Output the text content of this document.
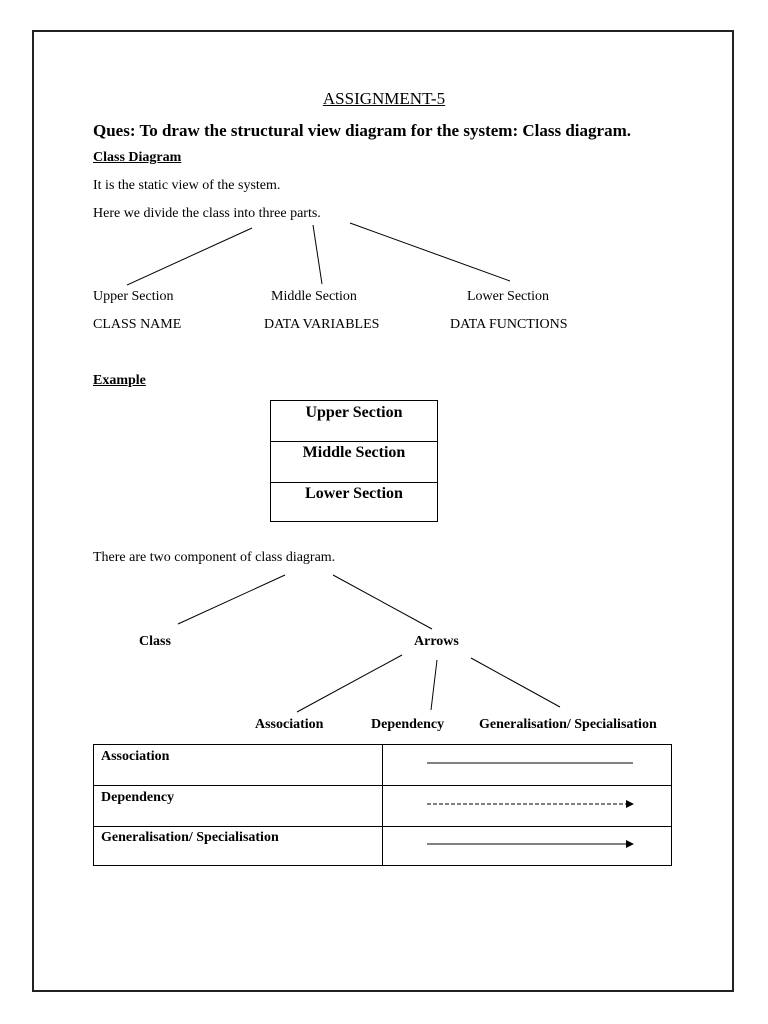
ASSIGNMENT-5
Ques: To draw the structural view diagram for the system: Class diagram.
Class Diagram
It is the static view of the system.
Here we divide the class into three parts.
Upper Section	Middle Section	Lower Section
CLASS NAME	DATA VARIABLES	DATA FUNCTIONS
Example
Upper Section
Middle Section
Lower Section
There are two component of class diagram.
Class	Arrows
Association	Dependency Generalisation/ Specialisation
Association
Dependency
Generalisation/ Specialisation
